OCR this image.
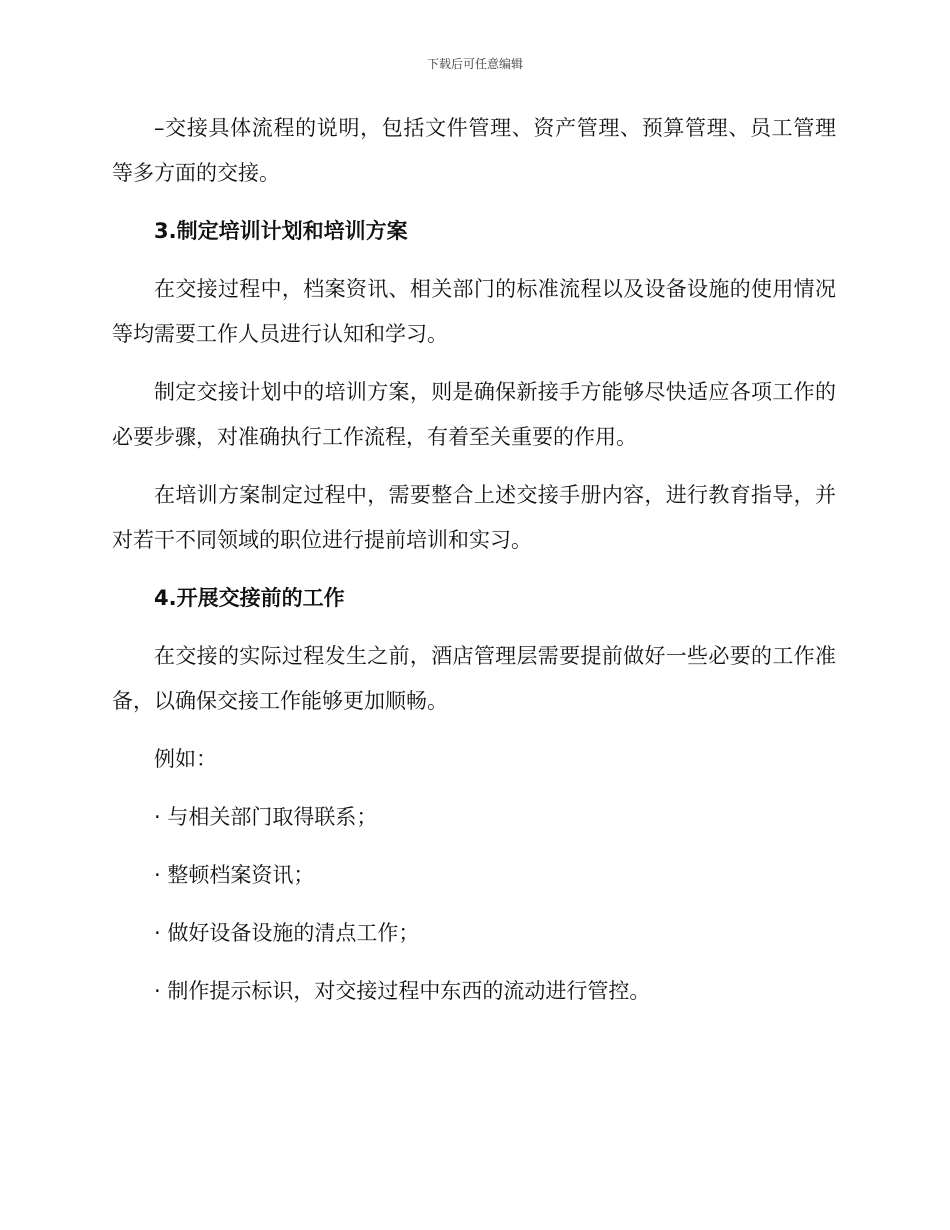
下载后可任意编辑

–交接具体流程的说明，包括文件管理、资产管理、预算管理、员工管理等多方面的交接。

3.制定培训计划和培训方案

在交接过程中，档案资讯、相关部门的标准流程以及设备设施的使用情况等均需要工作人员进行认知和学习。

制定交接计划中的培训方案，则是确保新接手方能够尽快适应各项工作的必要步骤，对准确执行工作流程，有着至关重要的作用。

在培训方案制定过程中，需要整合上述交接手册内容，进行教育指导，并对若干不同领域的职位进行提前培训和实习。

4.开展交接前的工作

在交接的实际过程发生之前，酒店管理层需要提前做好一些必要的工作准备，以确保交接工作能够更加顺畅。

例如：

· 与相关部门取得联系；

· 整顿档案资讯；

· 做好设备设施的清点工作；

· 制作提示标识，对交接过程中东西的流动进行管控。
